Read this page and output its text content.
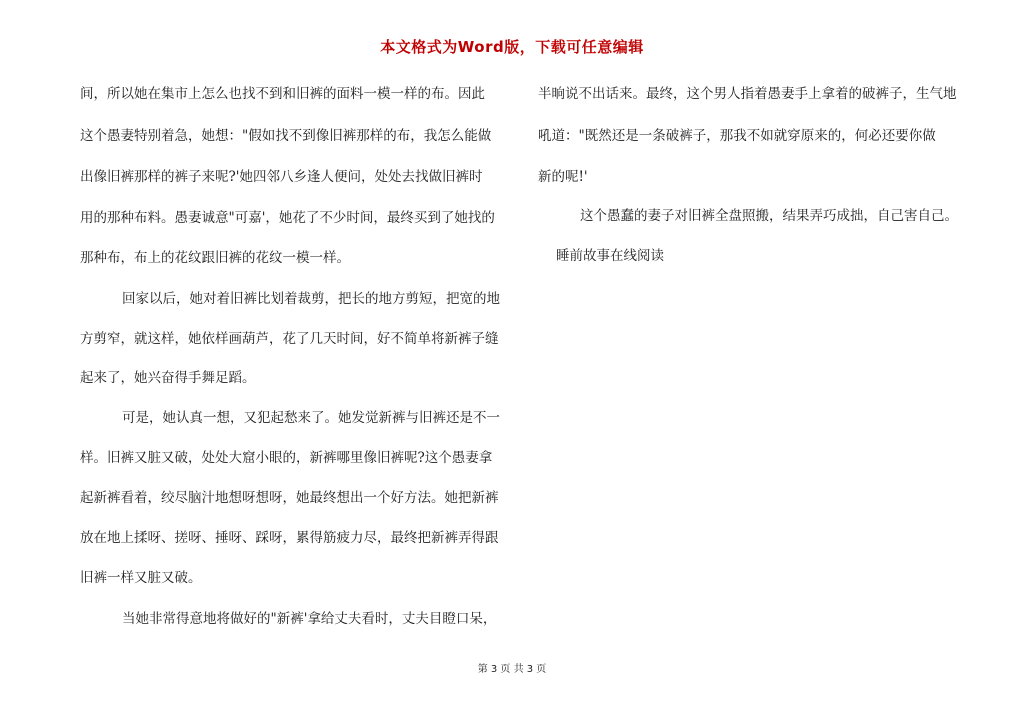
本文格式为Word版，下载可任意编辑
间，所以她在集市上怎么也找不到和旧裤的面料一模一样的布。因此
这个愚妻特别着急，她想："假如找不到像旧裤那样的布，我怎么能做
出像旧裤那样的裤子来呢?'她四邻八乡逢人便问，处处去找做旧裤时
用的那种布料。愚妻诚意"可嘉'，她花了不少时间，最终买到了她找的
那种布，布上的花纹跟旧裤的花纹一模一样。
回家以后，她对着旧裤比划着裁剪，把长的地方剪短，把宽的地
方剪窄，就这样，她依样画葫芦，花了几天时间，好不简单将新裤子缝
起来了，她兴奋得手舞足蹈。
可是，她认真一想，又犯起愁来了。她发觉新裤与旧裤还是不一
样。旧裤又脏又破，处处大窟小眼的，新裤哪里像旧裤呢?这个愚妻拿
起新裤看着，绞尽脑汁地想呀想呀，她最终想出一个好方法。她把新裤
放在地上揉呀、搓呀、捶呀、踩呀，累得筋疲力尽，最终把新裤弄得跟
旧裤一样又脏又破。
当她非常得意地将做好的"新裤'拿给丈夫看时，丈夫目瞪口呆，
半晌说不出话来。最终，这个男人指着愚妻手上拿着的破裤子，生气地
吼道："既然还是一条破裤子，那我不如就穿原来的，何必还要你做
新的呢!'
这个愚蠢的妻子对旧裤全盘照搬，结果弄巧成拙，自己害自己。
睡前故事在线阅读
第 3 页 共 3 页
